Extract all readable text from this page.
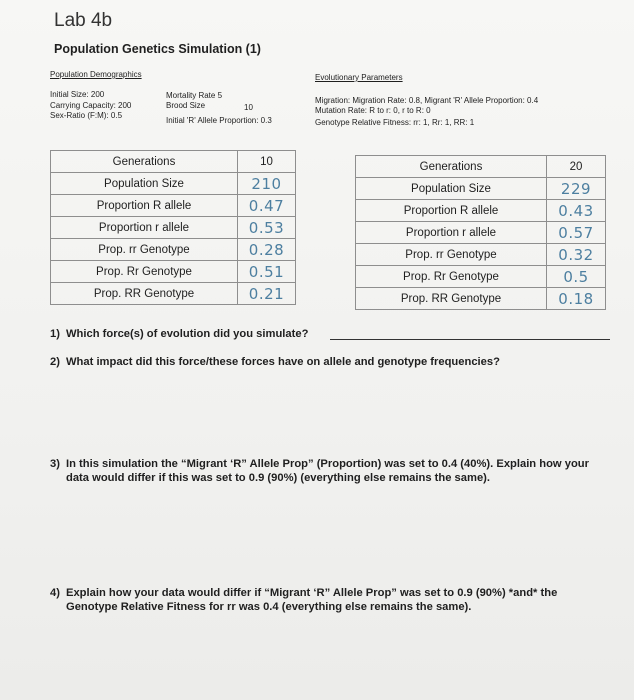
Lab 4b
Population Genetics Simulation (1)
Population Demographics
Initial Size: 200	Mortality Rate 5
Carrying Capacity: 200	Brood Size	10
Sex-Ratio (F:M): 0.5
Initial 'R' Allele Proportion: 0.3
Evolutionary Parameters
Migration: Migration Rate: 0.8, Migrant 'R' Allele Proportion: 0.4
Mutation Rate: R to r: 0, r to R: 0
Genotype Relative Fitness: rr: 1, Rr: 1, RR: 1
Generations	10
Population Size	210
Proportion R allele	0.47
Proportion r allele	0.53
Prop. rr Genotype	0.28
Prop. Rr Genotype	0.51
Prop. RR Genotype	0.21
Generations	20
Population Size	229
Proportion R allele	0.43
Proportion r allele	0.57
Prop. rr Genotype	0.32
Prop. Rr Genotype	0.5
Prop. RR Genotype	0.18
1) Which force(s) of evolution did you simulate?
2) What impact did this force/these forces have on allele and genotype frequencies?
3) In this simulation the “Migrant ‘R” Allele Prop” (Proportion) was set to 0.4 (40%). Explain how your
data would differ if this was set to 0.9 (90%) (everything else remains the same).
4) Explain how your data would differ if “Migrant ‘R” Allele Prop” was set to 0.9 (90%) *and* the
Genotype Relative Fitness for rr was 0.4 (everything else remains the same).
